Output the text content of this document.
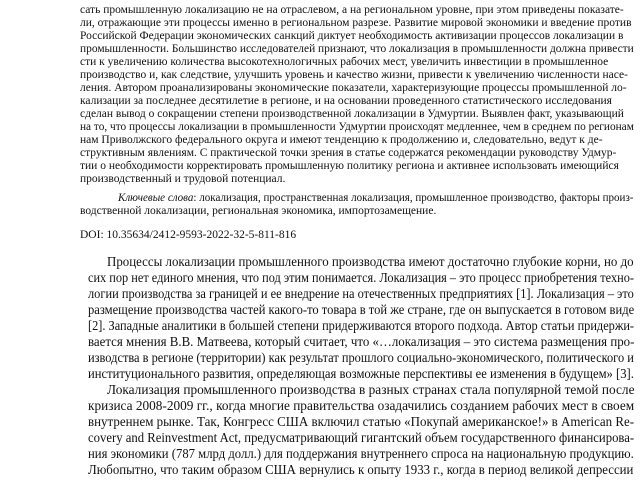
сать промышленную локализацию не на отраслевом, а на региональном уровне, при этом приведены показате-
ли, отражающие эти процессы именно в региональном разрезе. Развитие мировой экономики и введение против
Российской Федерации экономических санкций диктует необходимость активизации процессов локализации в
промышленности. Большинство исследователей признают, что локализация в промышленности должна привести
сти к увеличению количества высокотехнологичных рабочих мест, увеличить инвестиции в промышленное
производство и, как следствие, улучшить уровень и качество жизни, привести к увеличению численности насе-
ления. Автором проанализированы экономические показатели, характеризующие процессы промышленной ло-
кализации за последнее десятилетие в регионе, и на основании проведенного статистического исследования
сделан вывод о сокращении степени производственной локализации в Удмуртии. Выявлен факт, указывающий
на то, что процессы локализации в промышленности Удмуртии происходят медленнее, чем в среднем по регионам
нам Приволжского федерального округа и имеют тенденцию к продолжению и, следовательно, ведут к де-
структивным явлениям. С практической точки зрения в статье содержатся рекомендации руководству Удмур-
тии о необходимости корректировать промышленную политику региона и активнее использовать имеющийся
производственный и трудовой потенциал.
Ключевые слова: локализация, пространственная локализация, промышленное производство, факторы произ-
водственной локализации, региональная экономика, импортозамещение.
DOI: 10.35634/2412-9593-2022-32-5-811-816
Процессы локализации промышленного производства имеют достаточно глубокие корни, но до
сих пор нет единого мнения, что под этим понимается. Локализация – это процесс приобретения техно-
логии производства за границей и ее внедрение на отечественных предприятиях [1]. Локализация – это
размещение производства частей какого-то товара в той же стране, где он выпускается в готовом виде
[2]. Западные аналитики в большей степени придерживаются второго подхода. Автор статьи придержи-
вается мнения В.В. Матвеева, который считает, что «…локализация – это система размещения про-
изводства в регионе (территории) как результат прошлого социально-экономического, политического и
институционального развития, определяющая возможные перспективы ее изменения в будущем» [3].
Локализация промышленного производства в разных странах стала популярной темой после
кризиса 2008-2009 гг., когда многие правительства озадачились созданием рабочих мест в своем
внутреннем рынке. Так, Конгресс США включил статью «Покупай американское!» в American Re-
covery and Reinvestment Act, предусматривающий гигантский объем государственного финансирова-
ния экономики (787 млрд долл.) для поддержания внутреннего спроса на национальную продукцию.
Любопытно, что таким образом США вернулись к опыту 1933 г., когда в период великой депрессии
